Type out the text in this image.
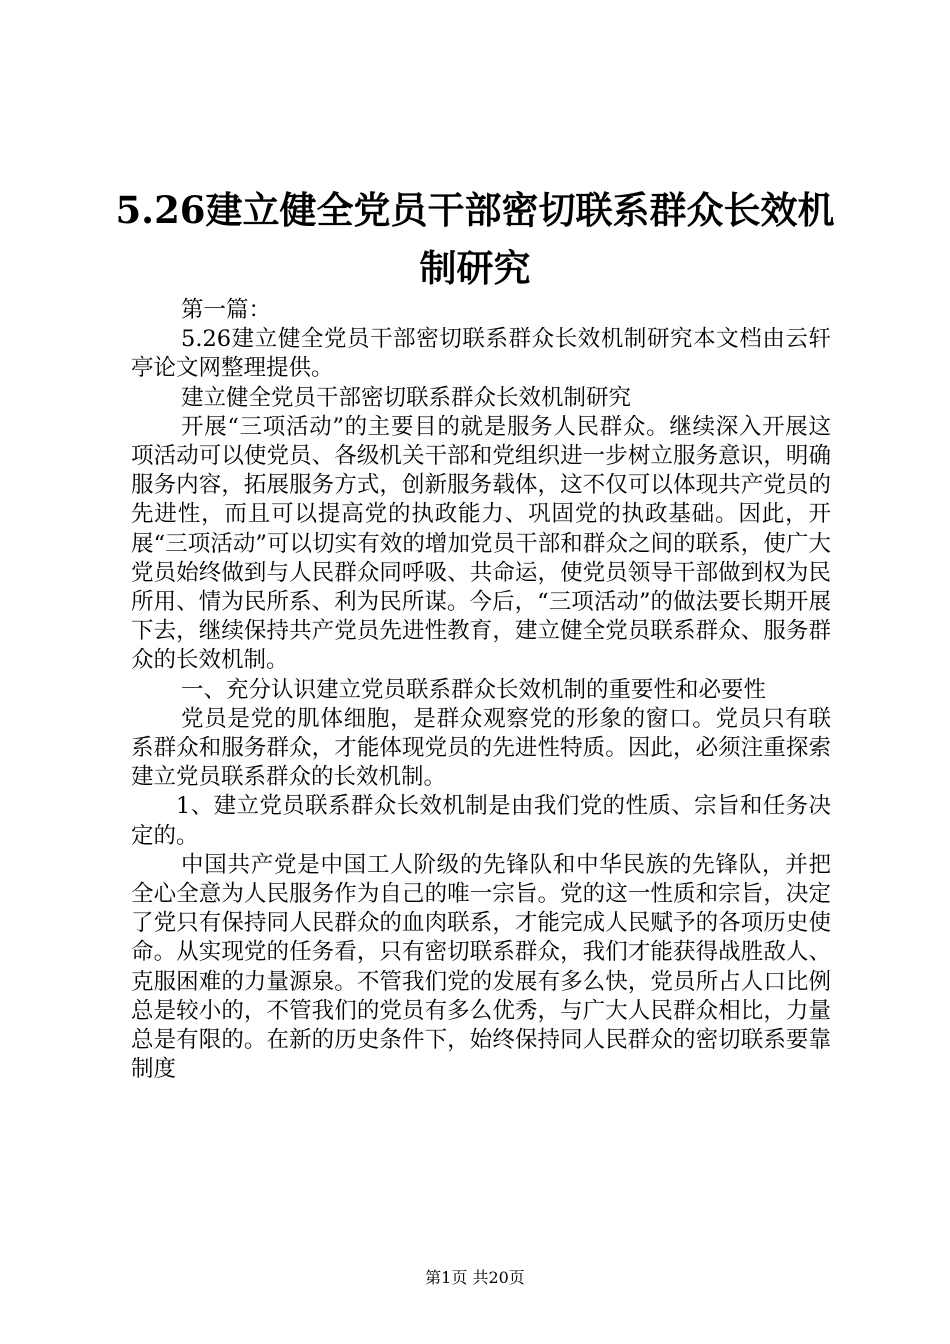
5.26建立健全党员干部密切联系群众长效机
制研究

第一篇：

5.26建立健全党员干部密切联系群众长效机制研究本文档由云轩亭论文网整理提供。

建立健全党员干部密切联系群众长效机制研究

开展“三项活动”的主要目的就是服务人民群众。继续深入开展这项活动可以使党员、各级机关干部和党组织进一步树立服务意识，明确服务内容，拓展服务方式，创新服务载体，这不仅可以体现共产党员的先进性，而且可以提高党的执政能力、巩固党的执政基础。因此，开展“三项活动”可以切实有效的增加党员干部和群众之间的联系，使广大党员始终做到与人民群众同呼吸、共命运，使党员领导干部做到权为民所用、情为民所系、利为民所谋。今后，“三项活动”的做法要长期开展下去，继续保持共产党员先进性教育，建立健全党员联系群众、服务群众的长效机制。

一、充分认识建立党员联系群众长效机制的重要性和必要性

党员是党的肌体细胞，是群众观察党的形象的窗口。党员只有联系群众和服务群众，才能体现党员的先进性特质。因此，必须注重探索建立党员联系群众的长效机制。

1、建立党员联系群众长效机制是由我们党的性质、宗旨和任务决定的。

中国共产党是中国工人阶级的先锋队和中华民族的先锋队，并把全心全意为人民服务作为自己的唯一宗旨。党的这一性质和宗旨，决定了党只有保持同人民群众的血肉联系，才能完成人民赋予的各项历史使命。从实现党的任务看，只有密切联系群众，我们才能获得战胜敌人、克服困难的力量源泉。不管我们党的发展有多么快，党员所占人口比例总是较小的，不管我们的党员有多么优秀，与广大人民群众相比，力量总是有限的。在新的历史条件下，始终保持同人民群众的密切联系要靠制度

第1页 共20页
